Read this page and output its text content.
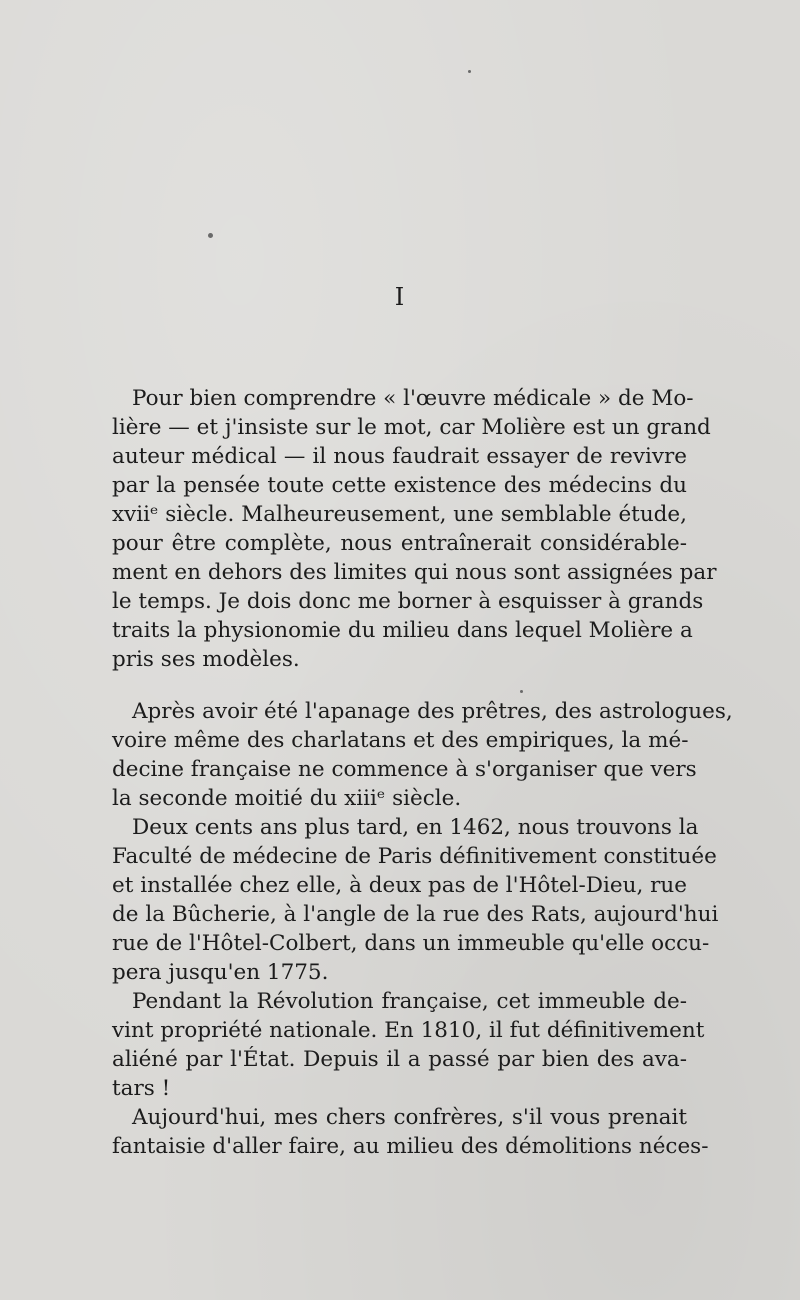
I
Pour bien comprendre « l'œuvre médicale » de Mo-
lière — et j'insiste sur le mot, car Molière est un grand
auteur médical — il nous faudrait essayer de revivre
par la pensée toute cette existence des médecins du
xviiᵉ siècle. Malheureusement, une semblable étude,
pour être complète, nous entraînerait considérable-
ment en dehors des limites qui nous sont assignées par
le temps. Je dois donc me borner à esquisser à grands
traits la physionomie du milieu dans lequel Molière a
pris ses modèles.
Après avoir été l'apanage des prêtres, des astrologues,
voire même des charlatans et des empiriques, la mé-
decine française ne commence à s'organiser que vers
la seconde moitié du xiiiᵉ siècle.
Deux cents ans plus tard, en 1462, nous trouvons la
Faculté de médecine de Paris définitivement constituée
et installée chez elle, à deux pas de l'Hôtel-Dieu, rue
de la Bûcherie, à l'angle de la rue des Rats, aujourd'hui
rue de l'Hôtel-Colbert, dans un immeuble qu'elle occu-
pera jusqu'en 1775.
Pendant la Révolution française, cet immeuble de-
vint propriété nationale. En 1810, il fut définitivement
aliéné par l'État. Depuis il a passé par bien des ava-
tars !
Aujourd'hui, mes chers confrères, s'il vous prenait
fantaisie d'aller faire, au milieu des démolitions néces-
